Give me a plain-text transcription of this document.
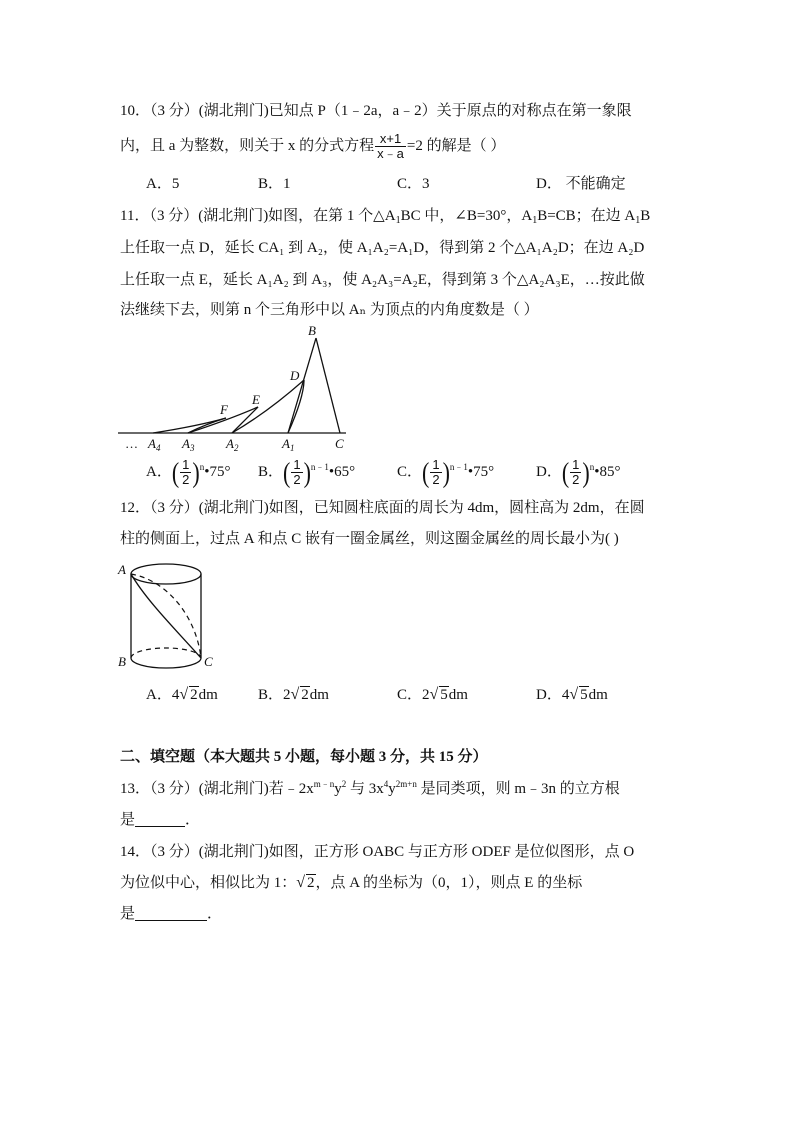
10．（3 分）(湖北荆门)已知点 P（1﹣2a，a﹣2）关于原点的对称点在第一象限
内，且 a 为整数，则关于 x 的分式方程 $\frac{x+1}{x﹣a} =2$ 的解是（ ）
A．5	B．1	C．3	D． 不能确定
11．（3 分）(湖北荆门)如图，在第 1 个$\triangle A_1BC$ 中，∠B=30°，$A_1B=CB$；在边 $A_1B$
上任取一点 D，延长 CA₁ 到 A₂，使 A₁A₂=A₁D，得到第 2 个△A₁A₂D；在边 A₂D
上任取一点 E，延长 A₁A₂ 到 A₃，使 A₂A₃=A₂E，得到第 3 个△A₂A₃E，…按此做
法继续下去，则第 n 个三角形中以 Aₙ 为顶点的内角度数是（ ）
B
D
E
F
C
$A_1$
$A_2$
$A_3$
$A_4$
…
A．( $\frac{1}{2}$ )$^n$•75° B．( $\frac{1}{2}$ )$^{n﹣1}$•65°	C．( $\frac{1}{2}$ )$^{n﹣1}$•75°	D．( $\frac{1}{2}$ )$^n$•85°
12．（3 分）(湖北荆门)如图，已知圆柱底面的周长为 4dm，圆柱高为 2dm，在圆
柱的侧面上，过点 A 和点 C 嵌有一圈金属丝，则这圈金属丝的周长最小为( )
A
B	C
A．4√ 2dm	B．2√ 2dm	C．2√ 5dm	D．4√ 5dm
二、填空题（本大题共 5 小题，每小题 3 分，共 15 分）
13．（3 分）(湖北荆门)若$﹣2x^{m﹣n}y^2$ 与 $3x^4y^{2m+n}$ 是同类项，则 m﹣3n 的立方根
是	．
14．（3 分）(湖北荆门)如图，正方形 OABC 与正方形 ODEF 是位似图形，点 O
为位似中心，相似比为 1：√ 2，点 A 的坐标为（0，1），则点 E 的坐标
是	．
